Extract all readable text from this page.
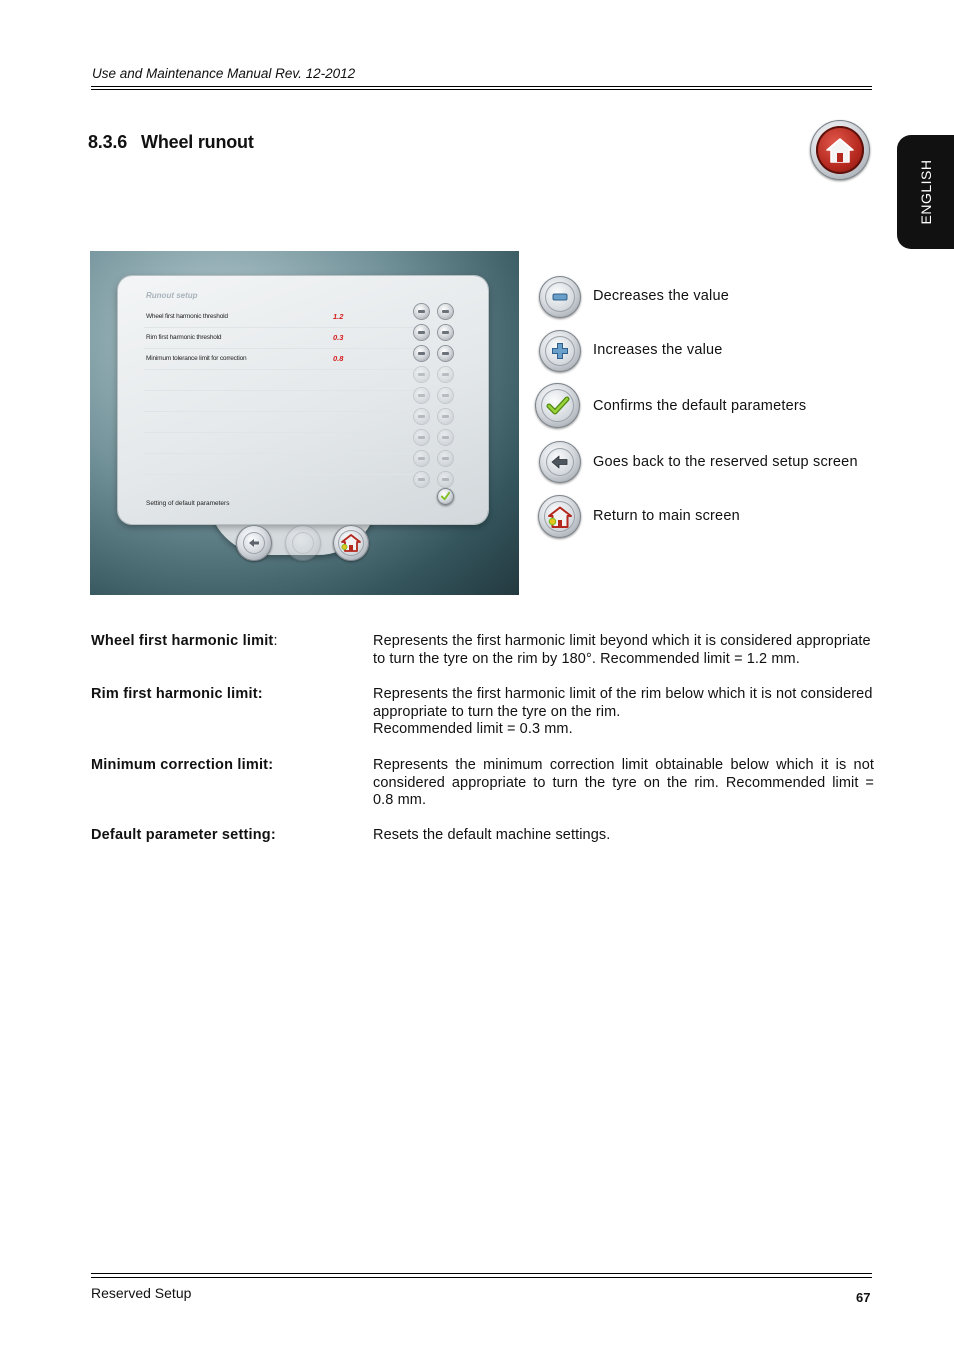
Use and Maintenance Manual Rev. 12-2012
8.3.6 Wheel runout
ENGLISH
Runout setup
Wheel first harmonic threshold	1.2
Rim first harmonic threshold	0.3
Minimum tolerance limit for correction	0.8
Setting of default parameters
Decreases the value
Increases the value
Confirms the default parameters
Goes back to the reserved setup screen
Return to main screen
Wheel first harmonic limit:	Represents the first harmonic limit beyond which it is considered appropriate
to turn the tyre on the rim by 180°. Recommended limit = 1.2 mm.
Rim first harmonic limit:	Represents the first harmonic limit of the rim below which it is not considered
appropriate to turn the tyre on the rim.
Recommended limit = 0.3 mm.
Minimum correction limit:	Represents the minimum correction limit obtainable below which it is not
considered appropriate to turn the tyre on the rim. Recommended limit =
0.8 mm.
Default parameter setting:	Resets the default machine settings.
Reserved Setup	67
